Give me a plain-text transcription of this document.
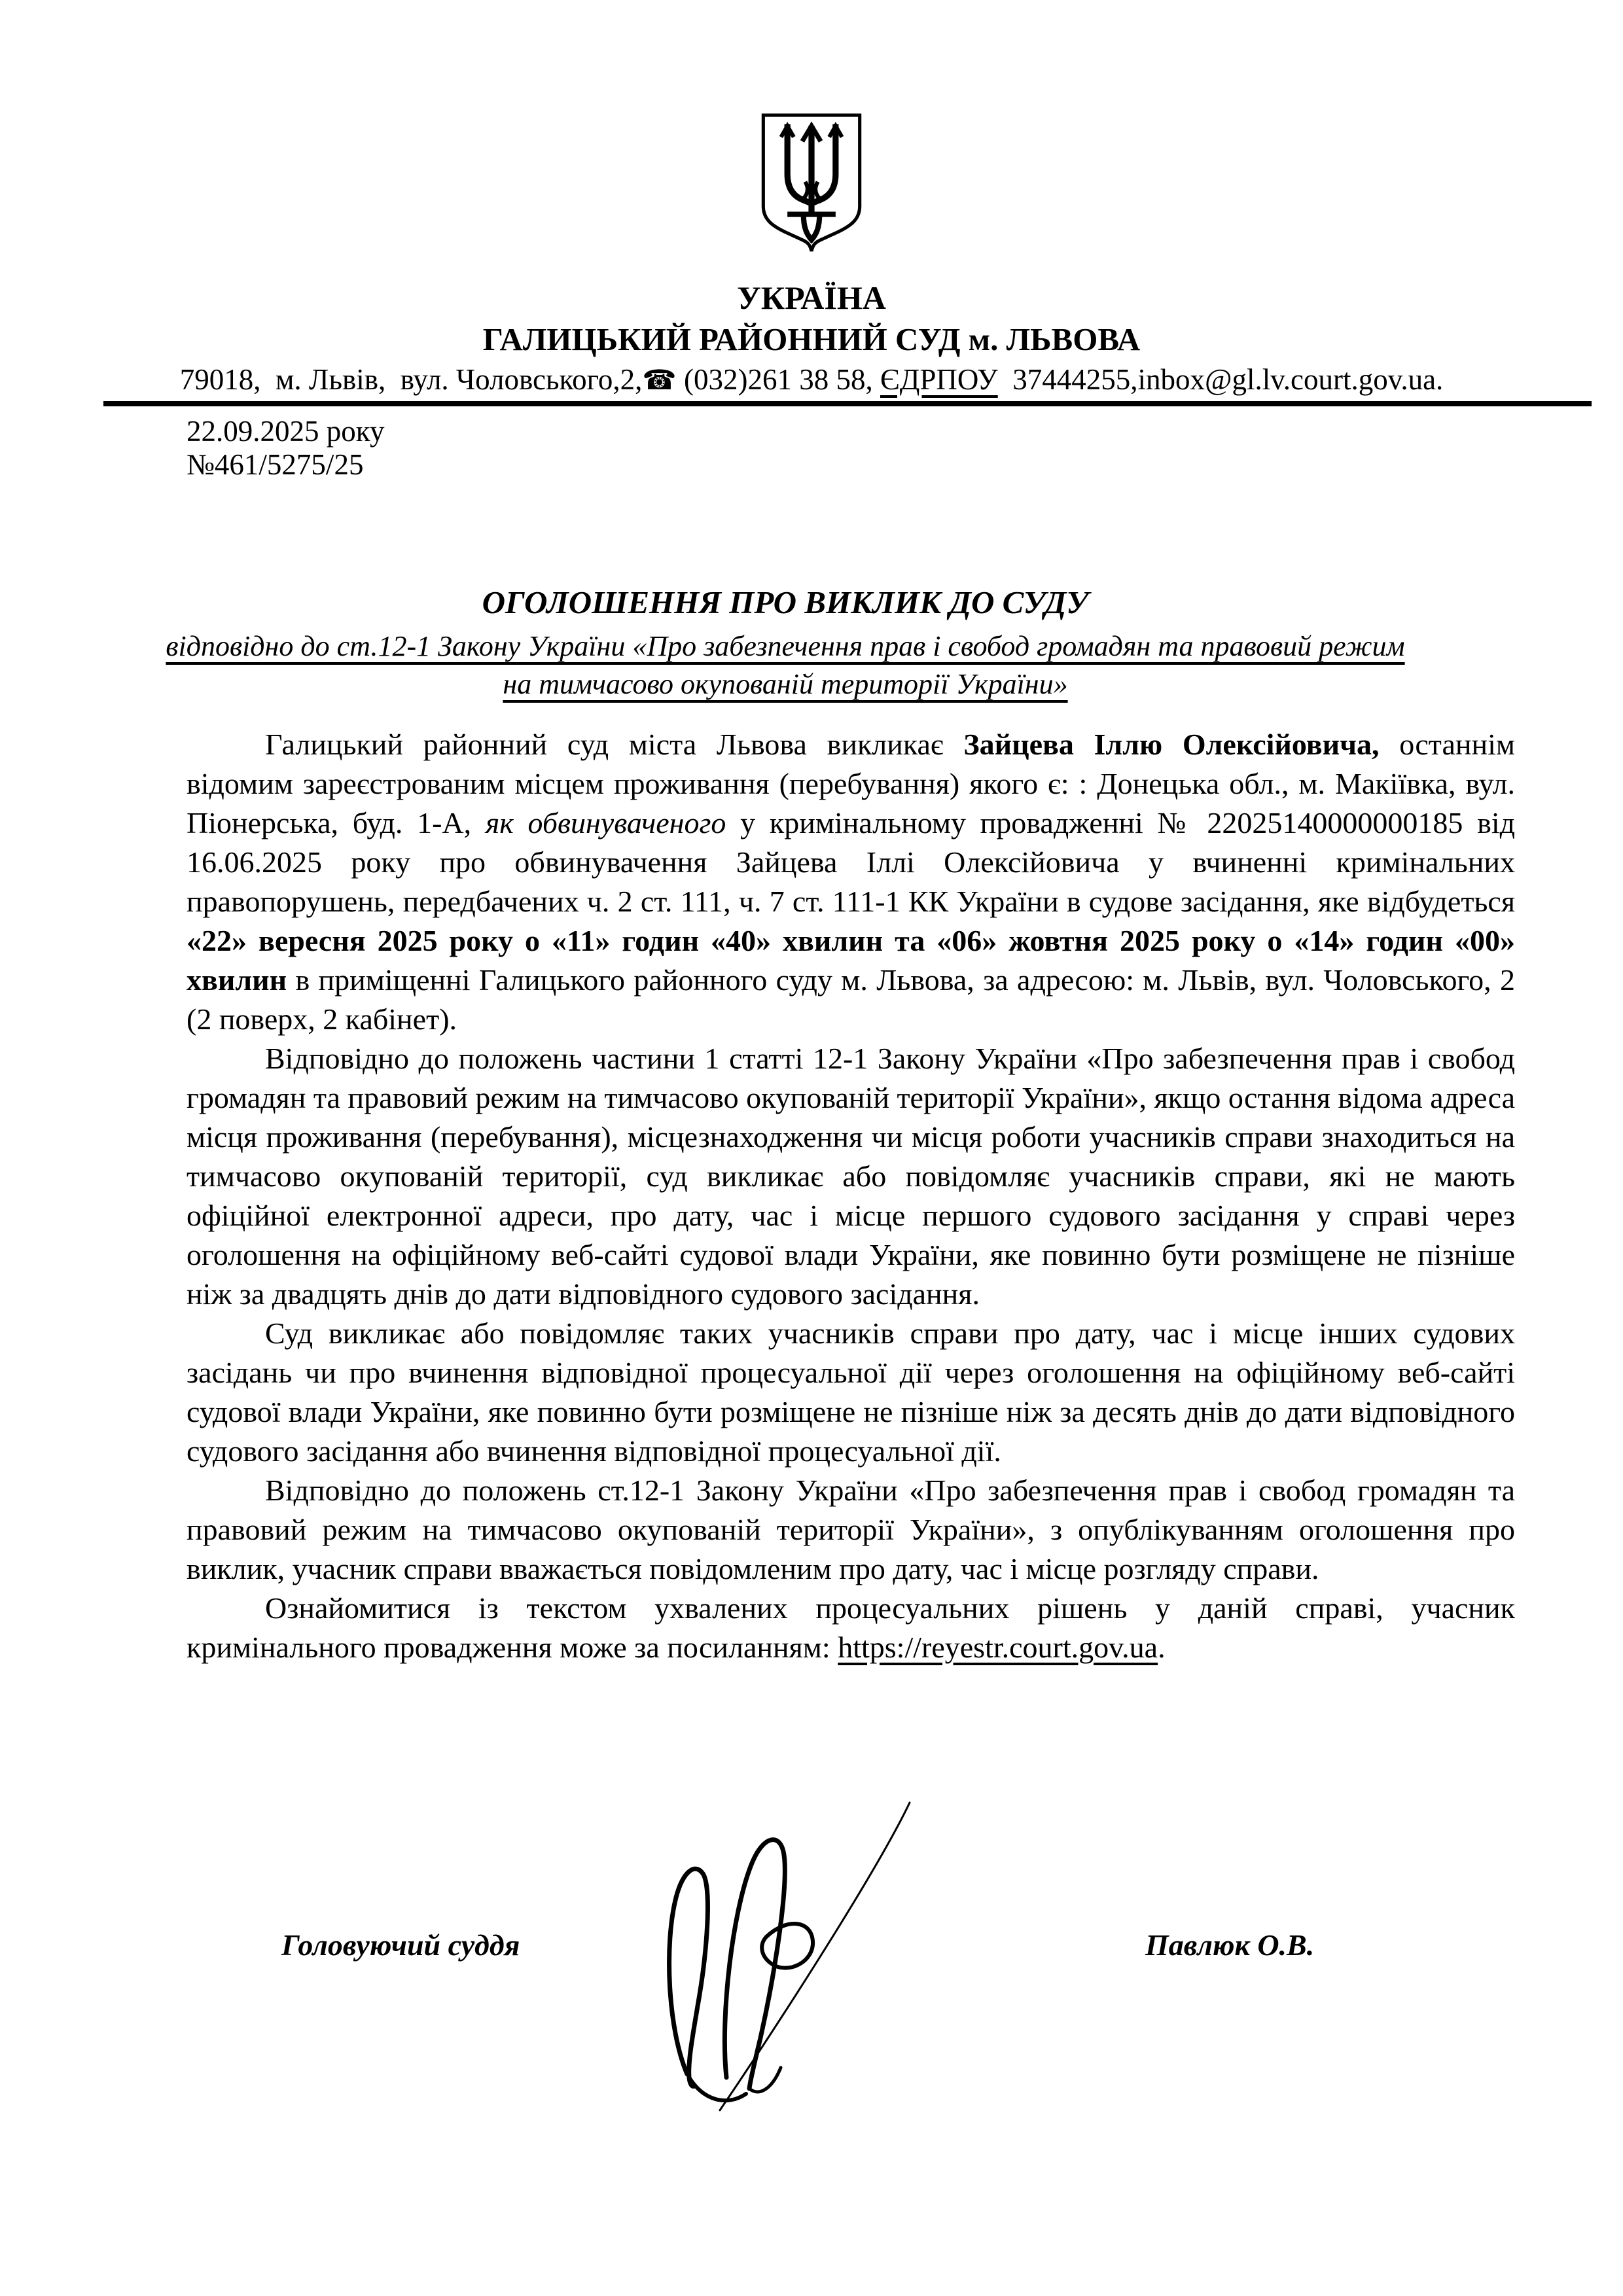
УКРАЇНА
ГАЛИЦЬКИЙ РАЙОННИЙ СУД м. ЛЬВОВА
79018,  м. Львів,  вул. Чоловського,2,☎ (032)261 38 58, ЄДРПОУ  37444255,inbox@gl.lv.court.gov.ua.
22.09.2025 року
№461/5275/25
ОГОЛОШЕННЯ ПРО ВИКЛИК ДО СУДУ
відповідно до ст.12-1 Закону України «Про забезпечення прав і свобод громадян та правовий режим
на тимчасово окупованій території України»

Галицький районний суд міста Львова викликає Зайцева Іллю Олексійовича, останнім відомим зареєстрованим місцем проживання (перебування) якого є: : Донецька обл., м. Макіївка, вул. Піонерська, буд. 1-А, як обвинуваченого у кримінальному провадженні № 22025140000000185 від 16.06.2025 року про обвинувачення Зайцева Іллі Олексійовича у вчиненні кримінальних правопорушень, передбачених ч. 2 ст. 111, ч. 7 ст. 111-1 КК України в судове засідання, яке відбудеться «22» вересня 2025 року о «11» годин «40» хвилин та «06» жовтня 2025 року о «14» годин «00» хвилин в приміщенні Галицького районного суду м. Львова, за адресою: м. Львів, вул. Чоловського, 2 (2 поверх, 2 кабінет).

Відповідно до положень частини 1 статті 12-1 Закону України «Про забезпечення прав і свобод громадян та правовий режим на тимчасово окупованій території України», якщо остання відома адреса місця проживання (перебування), місцезнаходження чи місця роботи учасників справи знаходиться на тимчасово окупованій території, суд викликає або повідомляє учасників справи, які не мають офіційної електронної адреси, про дату, час і місце першого судового засідання у справі через оголошення на офіційному веб-сайті судової влади України, яке повинно бути розміщене не пізніше ніж за двадцять днів до дати відповідного судового засідання.

Суд викликає або повідомляє таких учасників справи про дату, час і місце інших судових засідань чи про вчинення відповідної процесуальної дії через оголошення на офіційному веб-сайті судової влади України, яке повинно бути розміщене не пізніше ніж за десять днів до дати відповідного судового засідання або вчинення відповідної процесуальної дії.

Відповідно до положень ст.12-1 Закону України «Про забезпечення прав і свобод громадян та правовий режим на тимчасово окупованій території України», з опублікуванням оголошення про виклик, учасник справи вважається повідомленим про дату, час і місце розгляду справи.

Ознайомитися із текстом ухвалених процесуальних рішень у даній справі, учасник кримінального провадження може за посиланням: https://reyestr.court.gov.ua.

Головуючий суддя	Павлюк О.В.
